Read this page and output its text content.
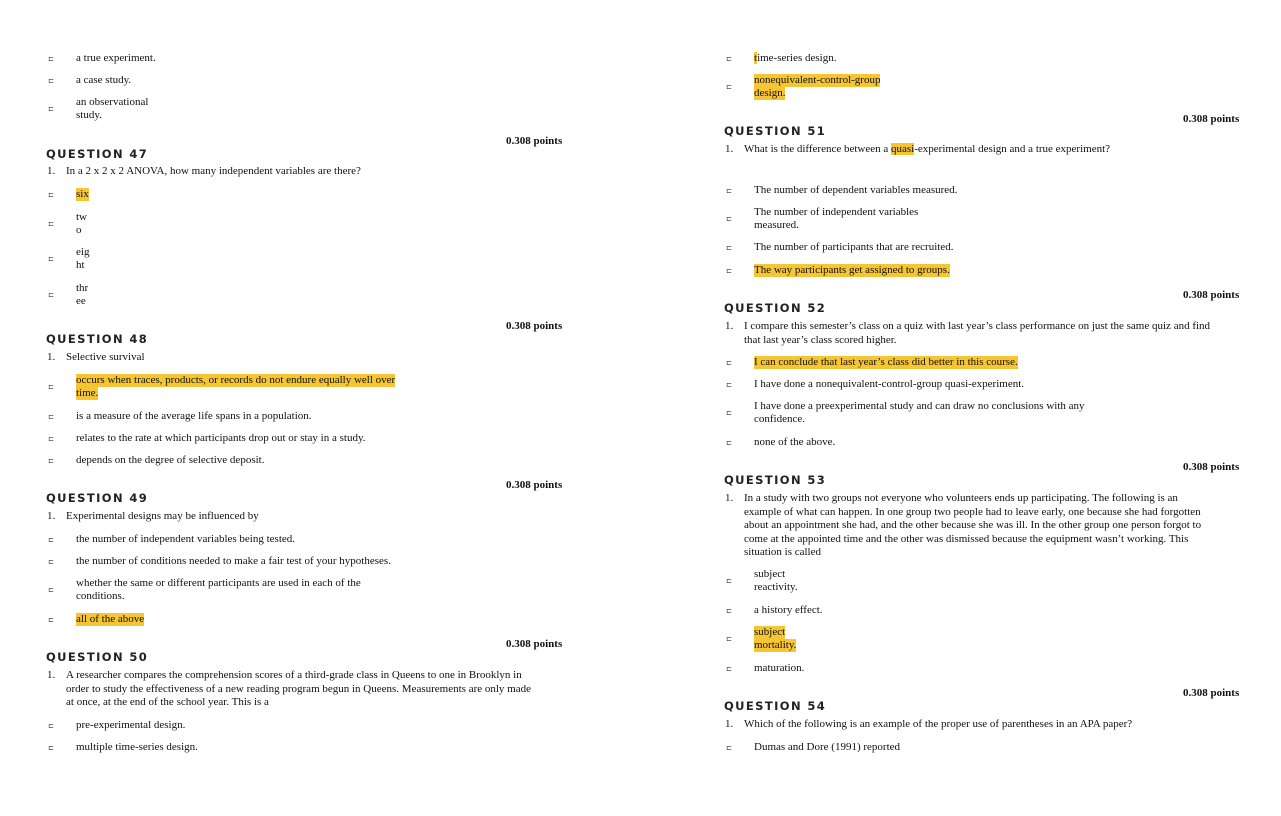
⊏ a true experiment.
⊏ a case study.
⊏
an observational
study.
0.308 points
QUESTION 47
1. In a 2 x 2 x 2 ANOVA, how many independent variables are there?
⊏ six
⊏
tw
o
⊏
eig
ht
⊏
thr
ee
0.308 points
QUESTION 48
1. Selective survival
⊏
occurs when traces, products, or records do not endure equally well over
time.
⊏ is a measure of the average life spans in a population.
⊏ relates to the rate at which participants drop out or stay in a study.
⊏ depends on the degree of selective deposit.
0.308 points
QUESTION 49
1. Experimental designs may be influenced by
⊏ the number of independent variables being tested.
⊏ the number of conditions needed to make a fair test of your hypotheses.
⊏
whether the same or different participants are used in each of the
conditions.
⊏ all of the above
0.308 points
QUESTION 50
1. A researcher compares the comprehension scores of a third-grade class in Queens to one in Brooklyn in
order to study the effectiveness of a new reading program begun in Queens. Measurements are only made
at once, at the end of the school year. This is a
⊏ pre-experimental design.
⊏ multiple time-series design.
⊏ time-series design.
⊏
nonequivalent-control-group
design.
0.308 points
QUESTION 51
1. What is the difference between a quasi-experimental design and a true experiment?
⊏ The number of dependent variables measured.
⊏
The number of independent variables
measured.
⊏ The number of participants that are recruited.
⊏ The way participants get assigned to groups.
0.308 points
QUESTION 52
1. I compare this semester’s class on a quiz with last year’s class performance on just the same quiz and find
that last year’s class scored higher.
⊏ I can conclude that last year’s class did better in this course.
⊏ I have done a nonequivalent-control-group quasi-experiment.
⊏
I have done a preexperimental study and can draw no conclusions with any
confidence.
⊏ none of the above.
0.308 points
QUESTION 53
1. In a study with two groups not everyone who volunteers ends up participating. The following is an
example of what can happen. In one group two people had to leave early, one because she had forgotten
about an appointment she had, and the other because she was ill. In the other group one person forgot to
come at the appointed time and the other was dismissed because the equipment wasn’t working. This
situation is called
⊏
subject
reactivity.
⊏ a history effect.
⊏
subject
mortality.
⊏ maturation.
0.308 points
QUESTION 54
1. Which of the following is an example of the proper use of parentheses in an APA paper?
⊏ Dumas and Dore (1991) reported
